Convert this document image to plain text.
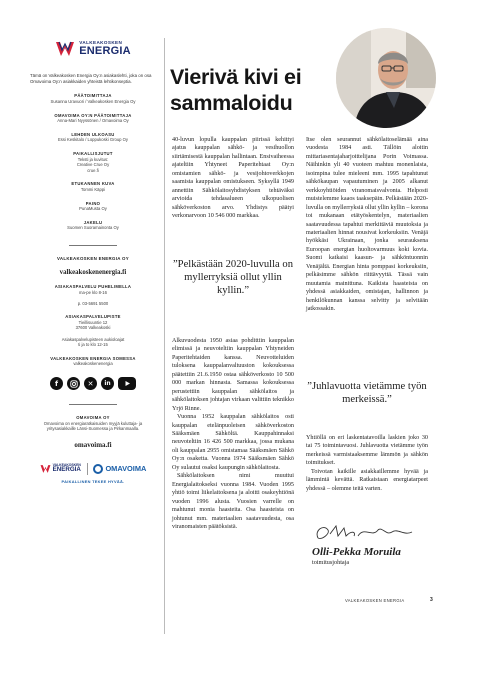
VALKEAKOSKEN
ENERGIA

Tämä on Valkeakosken Energia Oy:n asiakaslehti, joka on osa Omavoima Oy:n asiakkaiden yhteistä lehtikonseptia.

PÄÄTOIMITTAJA
Susanna Uravuori / Valkeakosken Energia Oy
OMAVOIMA OY:N PÄÄTOIMITTAJA
Anna-Mari Nyyssönen / Omavoima Oy
LEHDEN ULKOASU
Essi Keskitalo / Loppukoski Group Oy
PAIKALLISJUTUT
Teksti ja kuvitus:
Creative Crue Oy
crue.fi
ETUKANNEN KUVA
Tommi Käppi
PAINO
PunaMusta Oy
JAKELU
Suomen Suoramainonta Oy
VALKEAKOSKEN ENERGIA OY
valkeakoskenenergia.fi
ASIAKASPALVELU PUHELIMELLA
ma-pe klo 8-16

p. 03-5691 5500
ASIAKASPALVELUPISTE
Tieillisuuntie 12
37600 Valkeakoski

Asiakaspalvelupisteen aukioloajat
ti ja to klo 12-15
VALKEAKOSKEN ENERGIA SOMESSA
valkeakoskenenergia
f	✕	in
OMAVOIMA OY
Omavoima on energiaratkaisuiden myyjä kuluttaja- ja yritysasiakkaille Länsi-Suomessa ja Pirkanmaalla.
omavoima.fi
VALKEAKOSKEN
ENERGIA	OMAVOIMA
PAIKALLINEN TEKEE HYVÄÄ.
Vierivä kivi ei sammaloidu

40-luvun lopulla kauppalan piirissä kehittyi ajatus kauppalan sähkö- ja vesihuollon siirtämisestä kauppalan hallintaan. Ensivaiheessa ajateltiin Yhtyneet Paperitehtaat Oy:n omistamien sähkö- ja vesijohtoverkkojen saamista kauppalan omistukseen. Syksyllä 1949 annettiin Sähkölaitosyhdistyksen tehtäväksi arvioida tehdasalueen ulkopuolisen sähköverkoston arvo. Yhdistys päätyi verkonarvoon 10 546 000 markkaa.

”Pelkästään 2020-luvulla on myllerryksiä ollut yllin kyllin.”

Alkuvuodesta 1950 asiaa pohdittiin kauppalan elimissä ja neuvoteltiin kauppalan Yhtyneiden Paperitehtaiden kanssa. Neuvotteluiden tuloksena kauppalanvaltuuston kokouksessa päätettiin 21.6.1950 ostaa sähköverkosto 10 500 000 markan hinnasta. Samassa kokouksessa perustettiin kauppalan sähkölaitos ja sähkölaitoksen johtajan virkaan valittiin teknikko Yrjö Rinne.

Vuonna 1952 kauppalan sähkölaitos osti kauppalan etelänpuoleisen sähköverkoston Sääksmäen Sähköltä. Kauppahinnaksi neuvoteltiin 16 426 500 markkaa, jossa mukana oli kauppalan 2955 omistamaa Sääksmäen Sähkö Oy:n osaketta. Vuonna 1974 Sääksmäen Sähkö Oy sulautui osaksi kaupungin sähkölaitosta.

Sähkölaitoksen nimi muuttui Energialaitokseksi vuonna 1984. Vuoden 1995 yhtiö toimi liikelaitoksena ja aloitti osakeyhtiönä vuoden 1996 alusta. Vuosien varrelle on mahtunut monia haasteita. Osa haasteista on johtunut mm. materiaalien saatavuudesta, osa viranomaisten päätöksistä.

Itse olen seurannut sähkölaitoselämää aina vuodesta 1984 asti. Tällöin aloitin mittariasentajaharjoittelijana Porin Voimassa. Näihinkin yli 40 vuoteen mahtuu monenlaista, isoimpina tulee mieleeni mm. 1995 tapahtunut sähkökaupan vapautuminen ja 2005 alkanut verkkoyhtiöiden viranomaisvalvonta. Helposti muistelemme kaaos taaksepäin. Pelkästään 2020-luvulla on myllerryksiä ollut yllin kyllin – korona toi mukanaan etätyöskentelyn, materiaalien saatavuudessa tapahtui merkittäviä muutoksia ja materiaalien hinnat nousivat korkeuksiin. Venäjä hyökkäsi Ukrainaan, jonka seurauksena Euroopan energian huoltovarmuus koki kovia. Suomi katkaisi kaasun- ja sähköntuonnin Venäjältä. Energian hinta pomppasi korkeuksiin, pelkäsimme sähkön riittävyyttä. Tässä vain muutamia mainittuna. Kaikista haasteista on yhdessä asiakkaiden, omistajan, hallinnon ja henkilökunnan kanssa selvitty ja selvitään jatkossakin.

”Juhlavuotta vietämme työn merkeissä.”

Yhtiöllä on eri laskentatavoilla laskien joko 30 tai 75 toimintavuosi. Juhlavuotta vietämme työn merkeissä varmistaaksemme lämmön ja sähkön toimitukset.

Toivotan kaikille asiakkaillemme hyvää ja lämmintä kevättä. Ratkaistaan energiatarpeet yhdessä – olemme teitä varten.

Olli-Pekka Moruila
toimitusjohtaja
VALKEAKOSKEN ENERGIA	3
